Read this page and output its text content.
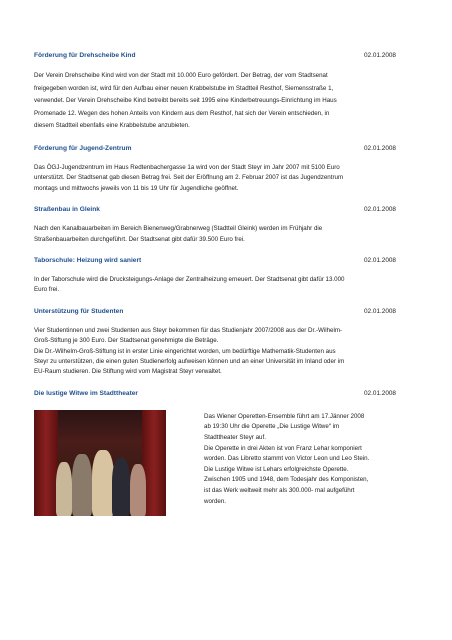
Förderung für Drehscheibe Kind	02.01.2008

Der Verein Drehscheibe Kind wird von der Stadt mit 10.000 Euro gefördert. Der Betrag, der vom Stadtsenat

freigegeben worden ist, wird für den Aufbau einer neuen Krabbelstube im Stadtteil Resthof, Siemensstraße 1,

verwendet. Der Verein Drehscheibe Kind betreibt bereits seit 1995 eine Kinderbetreuungs-Einrichtung im Haus

Promenade 12. Wegen des hohen Anteils von Kindern aus dem Resthof, hat sich der Verein entschieden, in

diesem Stadtteil ebenfalls eine Krabbelstube anzubieten.

Förderung für Jugend-Zentrum	02.01.2008

Das ÖGJ-Jugendzentrum im Haus Redtenbachergasse 1a wird von der Stadt Steyr im Jahr 2007 mit 5100 Euro

unterstützt. Der Stadtsenat gab diesen Betrag frei. Seit der Eröffnung am 2. Februar 2007 ist das Jugendzentrum

montags und mittwochs jeweils von 11 bis 19 Uhr für Jugendliche geöffnet.

Straßenbau in Gleink	02.01.2008

Nach den Kanalbauarbeiten im Bereich Bienenweg/Grabnerweg (Stadtteil Gleink) werden im Frühjahr die

Straßenbauarbeiten durchgeführt. Der Stadtsenat gibt dafür 39.500 Euro frei.

Taborschule: Heizung wird saniert	02.01.2008

In der Taborschule wird die Drucksteigungs-Anlage der Zentralheizung erneuert. Der Stadtsenat gibt dafür 13.000

Euro frei.

Unterstützung für Studenten	02.01.2008

Vier Studentinnen und zwei Studenten aus Steyr bekommen für das Studienjahr 2007/2008 aus der Dr.-Wilhelm-

Groß-Stiftung je 300 Euro. Der Stadtsenat genehmigte die Beträge.

Die Dr.-Wilhelm-Groß-Stiftung ist in erster Linie eingerichtet worden, um bedürftige Mathematik-Studenten aus

Steyr zu unterstützen, die einen guten Studienerfolg aufweisen können und an einer Universität im Inland oder im

EU-Raum studieren. Die Stiftung wird vom Magistrat Steyr verwaltet.

Die lustige Witwe im Stadttheater	02.01.2008

Das Wiener Operetten-Ensemble führt am 17.Jänner 2008

ab 19:30 Uhr die Operette „Die Lustige Witwe“ im

Stadttheater Steyr auf.

Die Operette in drei Akten ist von Franz Lehar komponiert

worden. Das Libretto stammt von Victor Leon und Leo Stein.

Die Lustige Witwe ist Lehars erfolgreichste Operette.

Zwischen 1905 und 1948, dem Todesjahr des Komponisten,

ist das Werk weltweit mehr als 300.000- mal aufgeführt

worden.
